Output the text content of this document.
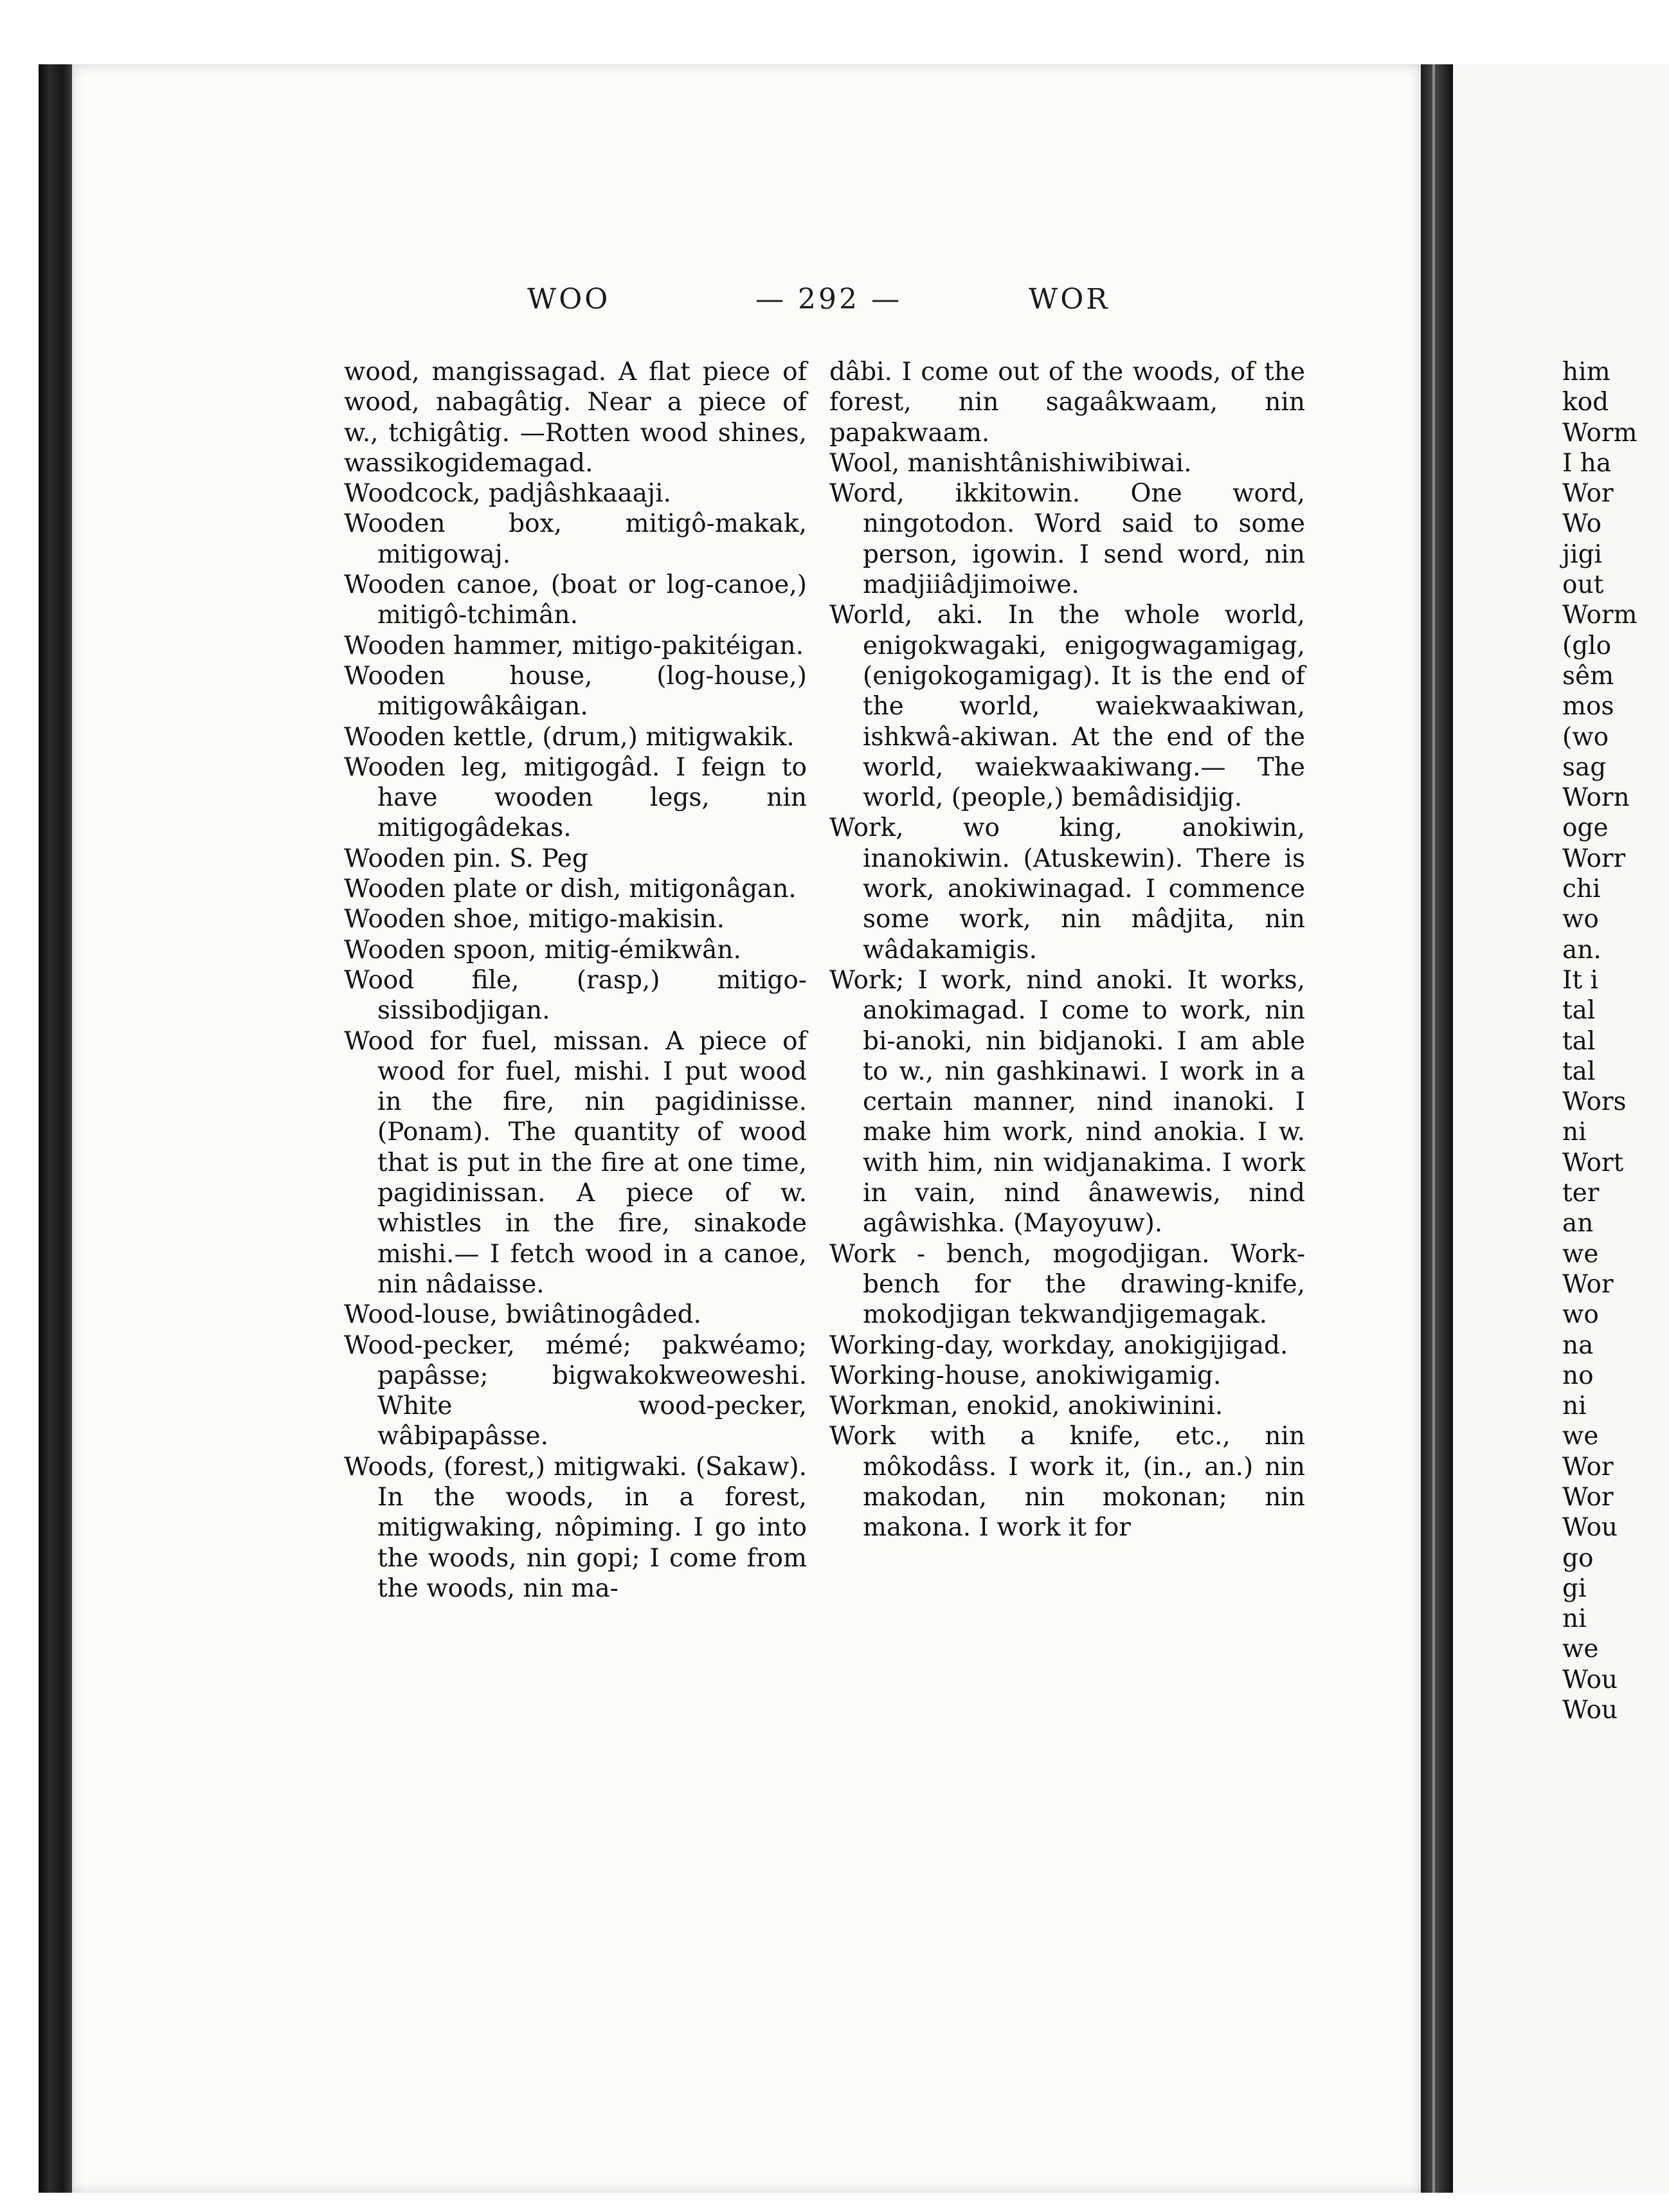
WOO	— 292 —	WOR

wood, mangissagad. A flat piece of wood, nabagâtig. Near a piece of w., tchigâtig. —Rotten wood shines, wassikogidemagad.

Woodcock, padjâshkaaaji.

Wooden box, mitigô-makak, mitigowaj.

Wooden canoe, (boat or log-canoe,) mitigô-tchimân.

Wooden hammer, mitigo-pakitéigan.

Wooden house, (log-house,) mitigowâkâigan.

Wooden kettle, (drum,) mitigwakik.

Wooden leg, mitigogâd. I feign to have wooden legs, nin mitigogâdekas.

Wooden pin. S. Peg

Wooden plate or dish, mitigonâgan.

Wooden shoe, mitigo-makisin.

Wooden spoon, mitig-émikwân.

Wood file, (rasp,) mitigo-sissibodjigan.

Wood for fuel, missan. A piece of wood for fuel, mishi. I put wood in the fire, nin pagidinisse. (Ponam). The quantity of wood that is put in the fire at one time, pagidinissan. A piece of w. whistles in the fire, sinakode mishi.— I fetch wood in a canoe, nin nâdaisse.

Wood-louse, bwiâtinogâded.

Wood-pecker, mémé; pakwéamo; papâsse; bigwakokweoweshi. White wood-pecker, wâbipapâsse.

Woods, (forest,) mitigwaki. (Sakaw). In the woods, in a forest, mitigwaking, nôpiming. I go into the woods, nin gopi; I come from the woods, nin ma-

dâbi. I come out of the woods, of the forest, nin sagaâkwaam, nin papakwaam.

Wool, manishtânishiwibiwai.

Word, ikkitowin. One word, ningotodon. Word said to some person, igowin. I send word, nin madjiiâdjimoiwe.

World, aki. In the whole world, enigokwagaki, enigogwagamigag, (enigokogamigag). It is the end of the world, waiekwaakiwan, ishkwâ-akiwan. At the end of the world, waiekwaakiwang.— The world, (people,) bemâdisidjig.

Work, wo king, anokiwin, inanokiwin. (Atuskewin). There is work, anokiwinagad. I commence some work, nin mâdjita, nin wâdakamigis.

Work; I work, nind anoki. It works, anokimagad. I come to work, nin bi-anoki, nin bidjanoki. I am able to w., nin gashkinawi. I work in a certain manner, nind inanoki. I make him work, nind anokia. I w. with him, nin widjanakima. I work in vain, nind ânawewis, nind agâwishka. (Mayoyuw).

Work - bench, mogodjigan. Work-bench for the drawing-knife, mokodjigan tekwandjigemagak.

Working-day, workday, anokigijigad.

Working-house, anokiwigamig.

Workman, enokid, anokiwinini.

Work with a knife, etc., nin môkodâss. I work it, (in., an.) nin makodan, nin mokonan; nin makona. I work it for

him
kod
Worm
I ha
Wor
Wo
jigi
out
Worm
(glo
sêm
mos
(wo
sag
Worn
oge
Worr
chi
wo
an.
It i
tal
tal
tal
Wors
ni
Wort
ter
an
we
Wor
wo
na
no
ni
we
Wor
Wor
Wou
go
gi
ni
we
Wou
Wou
